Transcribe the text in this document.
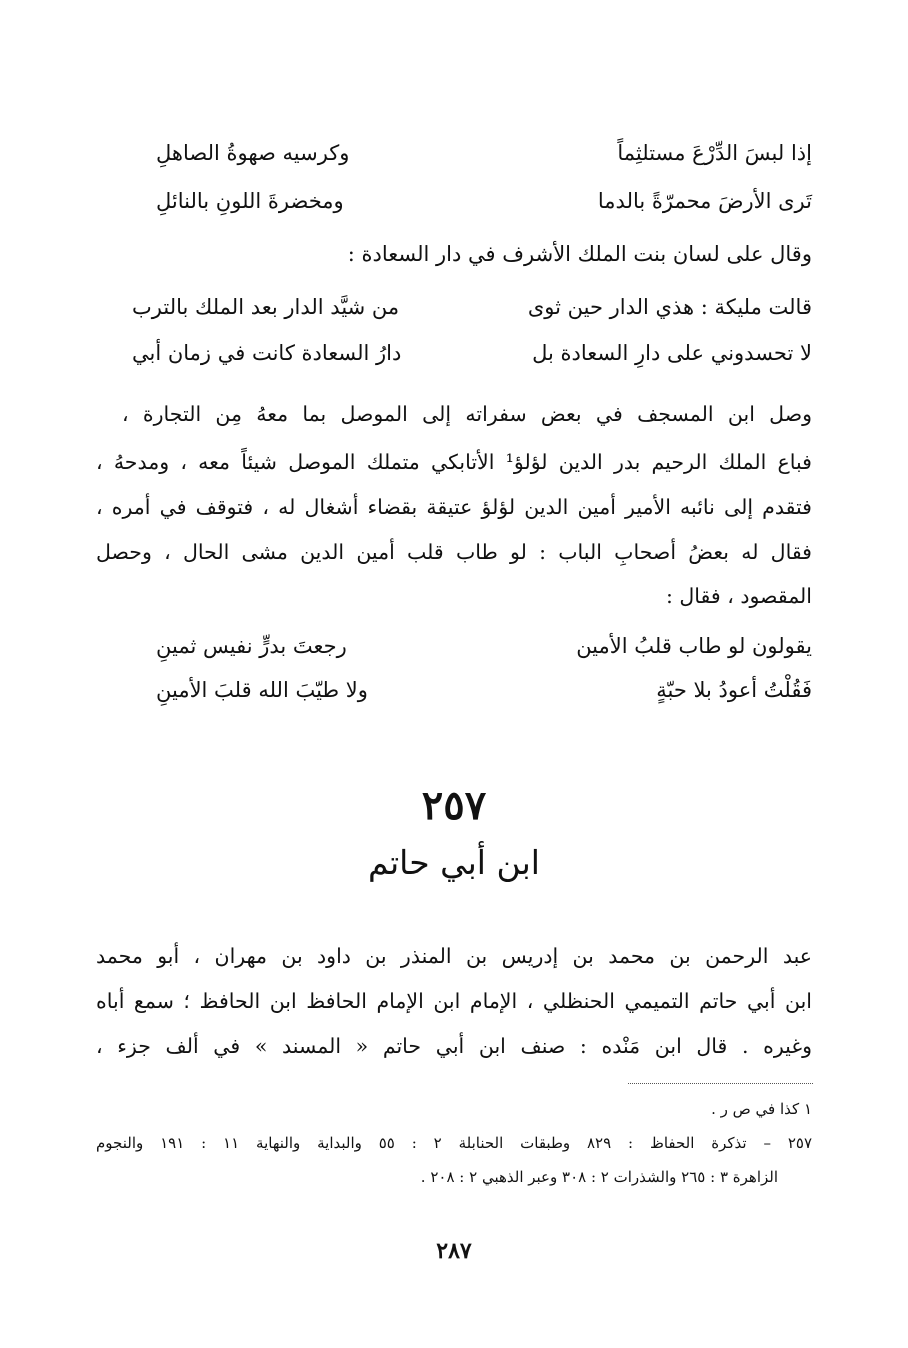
إذا لبسَ الدِّرْعَ مستلثِماً
وكرسيه صهوةُ الصاهلِ
تَرى الأرضَ محمرّةً بالدما
ومخضرةَ اللونِ بالنائلِ
وقال على لسان بنت الملك الأشرف في دار السعادة :
قالت مليكة : هذي الدار حين ثوى
من شيَّد الدار بعد الملك بالترب
لا تحسدوني على دارِ السعادة بل
دارُ السعادة كانت في زمان أبي
وصل ابن المسجف في بعض سفراته إلى الموصل بما معهُ مِن التجارة ،
فباع الملك الرحيم بدر الدين لؤلؤ¹ الأتابكي متملك الموصل شيئاً معه ، ومدحهُ ،
فتقدم إلى نائبه الأمير أمين الدين لؤلؤ عتيقة بقضاء أشغال له ، فتوقف في أمره ،
فقال له بعضُ أصحابِ الباب : لو طاب قلب أمين الدين مشى الحال ، وحصل
المقصود ، فقال :
يقولون لو طاب قلبُ الأمين
رجعتَ بدرٍّ نفيس ثمينِ
فَقُلْتُ أعودُ بلا حبّةٍ
ولا طيّبَ الله قلبَ الأمينِ
٢٥٧
ابن أبي حاتم
عبد الرحمن بن محمد بن إدريس بن المنذر بن داود بن مهران ، أبو محمد
ابن أبي حاتم التميمي الحنظلي ، الإمام ابن الإمام الحافظ ابن الحافظ ؛ سمع أباه
وغيره . قال ابن مَنْده : صنف ابن أبي حاتم « المسند » في ألف جزء ،
١ كذا في ص ر .
٢٥٧ – تذكرة الحفاظ : ٨٢٩ وطبقات الحنابلة ٢ : ٥٥ والبداية والنهاية ١١ : ١٩١ والنجوم
الزاهرة ٣ : ٢٦٥ والشذرات ٢ : ٣٠٨ وعبر الذهبي ٢ : ٢٠٨ .
٢٨٧
